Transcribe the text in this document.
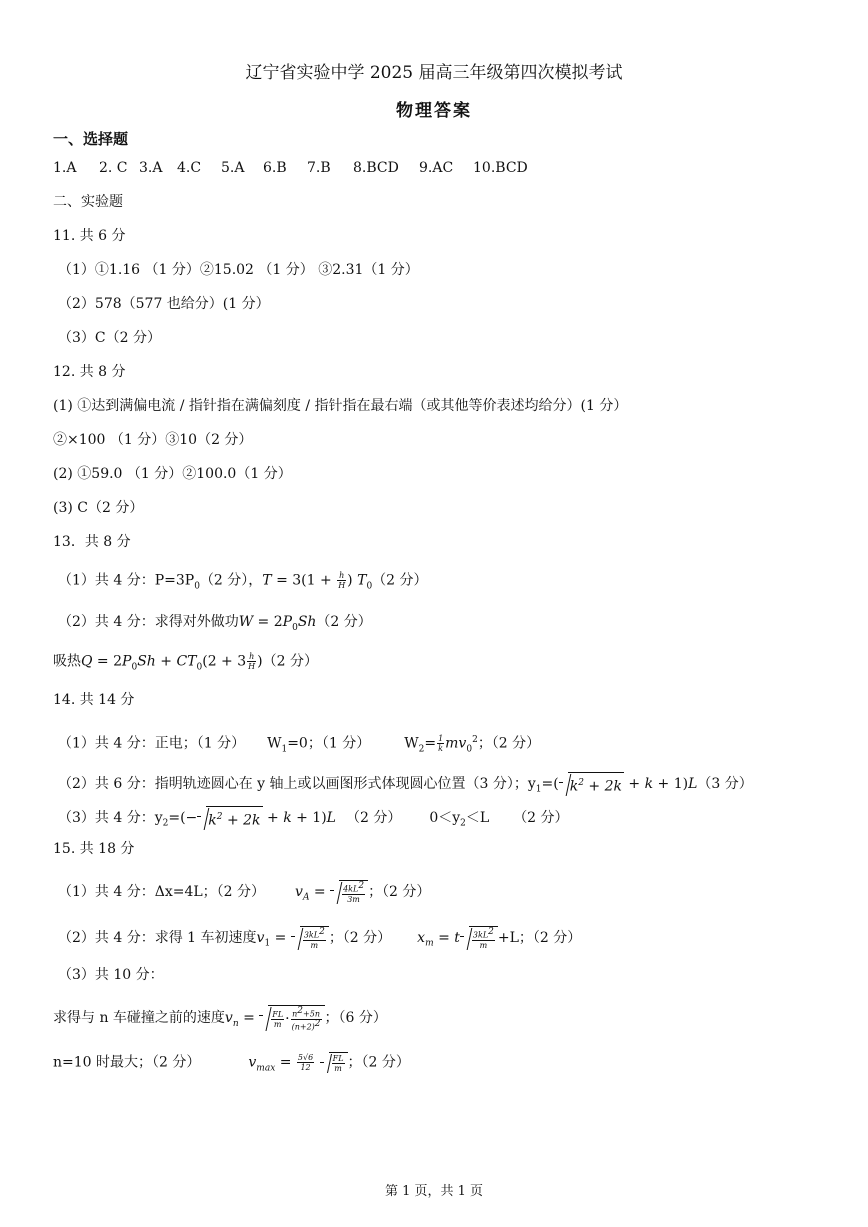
辽宁省实验中学 2025 届高三年级第四次模拟考试
物理答案
一、选择题
1.A 2. C 3.A 4.C 5.A 6.B 7.B 8.BCD 9.AC 10.BCD
二、实验题
11. 共 6 分
（1）①1.16 （1 分）②15.02 （1 分） ③2.31（1 分）
（2）578（577 也给分）(1 分）
（3）C（2 分）
12. 共 8 分
(1) ①达到满偏电流 / 指针指在满偏刻度 / 指针指在最右端（或其他等价表述均给分）(1 分）
②×100 （1 分）③10（2 分）
(2) ①59.0 （1 分）②100.0（1 分）
(3) C（2 分）
13．共 8 分
（1）共 4 分：$P=3P_0(2$ 分），$T = 3(1 + \frac{h}{H}$ ) $T_0(2$ 分）
（2）共 4 分：求得对外做功$W = 2P_0Sh(2$ 分）
吸热$Q = 2P_0Sh + CT_0(2 + 3 \frac{h}{H} )(2$ 分）
14. 共 14 分
（1）共 4 分：正电；（1 分） $W_1=0$；（1 分） $W_2= \frac{1}{k} mv_0^2$；（2 分）
（2）共 6 分：指明轨迹圆心在 y 轴上或以画图形式体现圆心位置（3 分）；$y_1=$( $k^2 + 2k + k + 1)L(3$ 分）
（3）共 4 分：$y_2=(- k^2 + 2k + k + 1)L$ （2 分） $0<y_2<L$ （2 分）
15. 共 18 分
（1）共 4 分：Δx=4L；（2 分） $v_A = \frac{4kL^2}{3m}$ ；（2 分）
（2）共 4 分：求得 1 车初速度$v_1 = \frac{3kL^2}{m}$ ；（2 分） $x_m = t \frac{3kL^2}{m} +L$；（2 分）
（3）共 10 分：
求得与 n 车碰撞之前的速度$v_n = \frac{FL}{m} \cdot \frac{n^2+5n}{(n+2)^2}$ ；（6 分）
n=10 时最大；（2 分）	$v_{max} = \frac{5√6}{12}$
$\frac{FL}{m}$ ；（2 分）
第 1 页，共 1 页
